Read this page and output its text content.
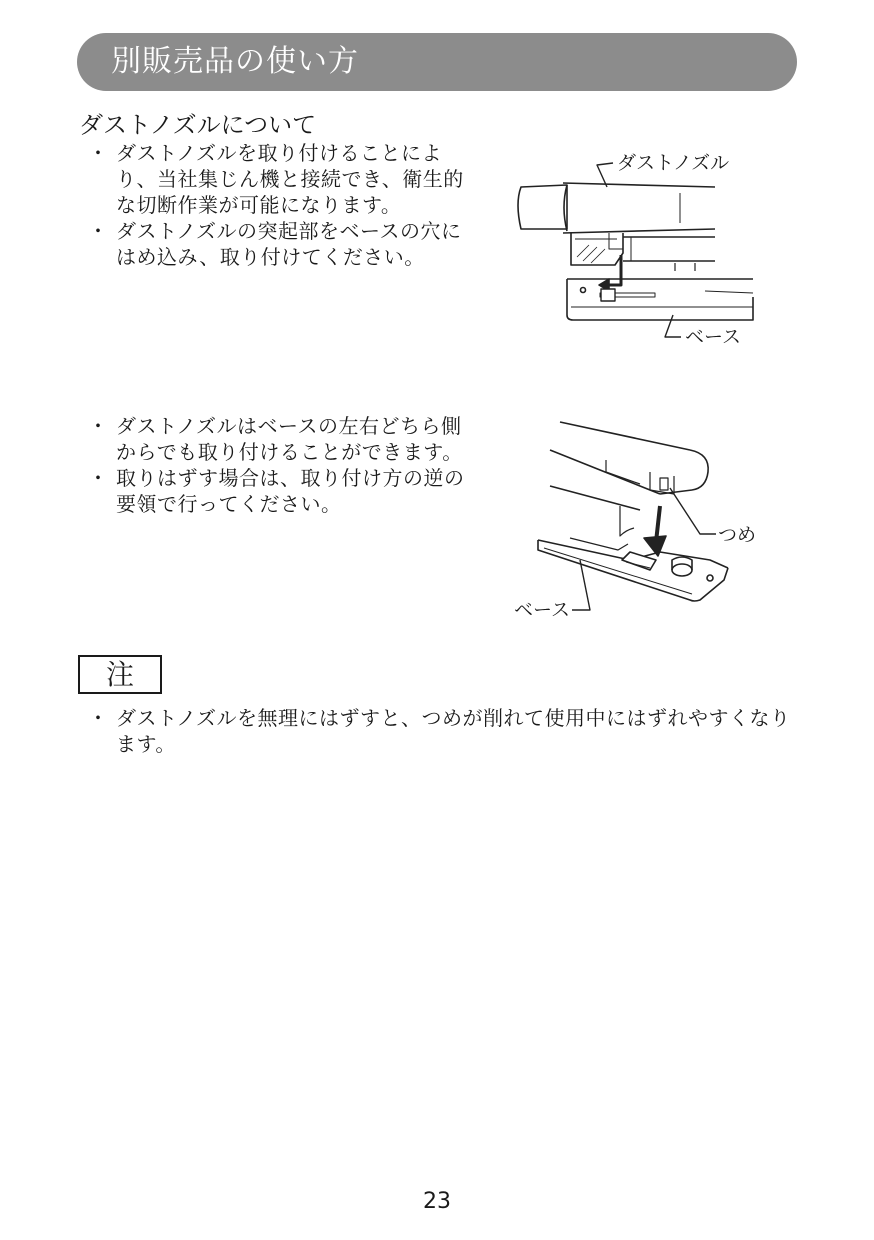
別販売品の使い方
ダストノズルについて
・ ダストノズルを取り付けることにより、当社集じん機と接続でき、衛生的な切断作業が可能になります。
・ ダストノズルの突起部をベースの穴にはめ込み、取り付けてください。
ダストノズル
ベース
・ ダストノズルはベースの左右どちら側からでも取り付けることができます。
・ 取りはずす場合は、取り付け方の逆の要領で行ってください。
つめ
ベース
注
・ ダストノズルを無理にはずすと、つめが削れて使用中にはずれやすくなります。
23
